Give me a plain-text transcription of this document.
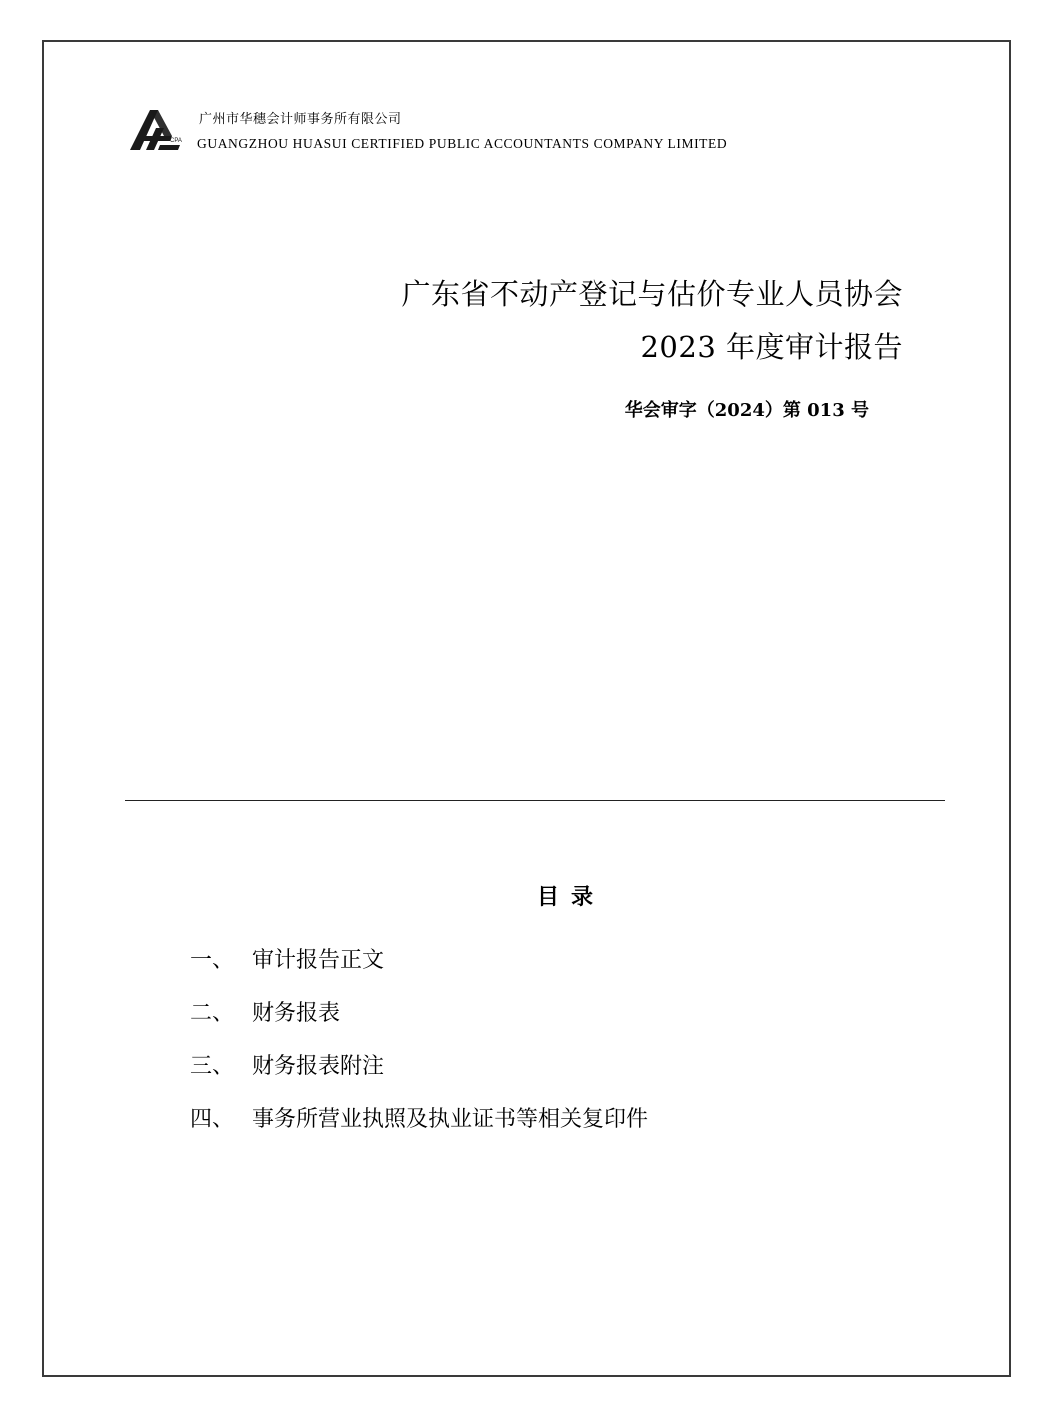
CPA
广州市华穗会计师事务所有限公司
GUANGZHOU HUASUI CERTIFIED PUBLIC ACCOUNTANTS COMPANY LIMITED
广东省不动产登记与估价专业人员协会
2023 年度审计报告
华会审字（2024）第 013 号
目录
一、 审计报告正文
二、 财务报表
三、 财务报表附注
四、 事务所营业执照及执业证书等相关复印件
